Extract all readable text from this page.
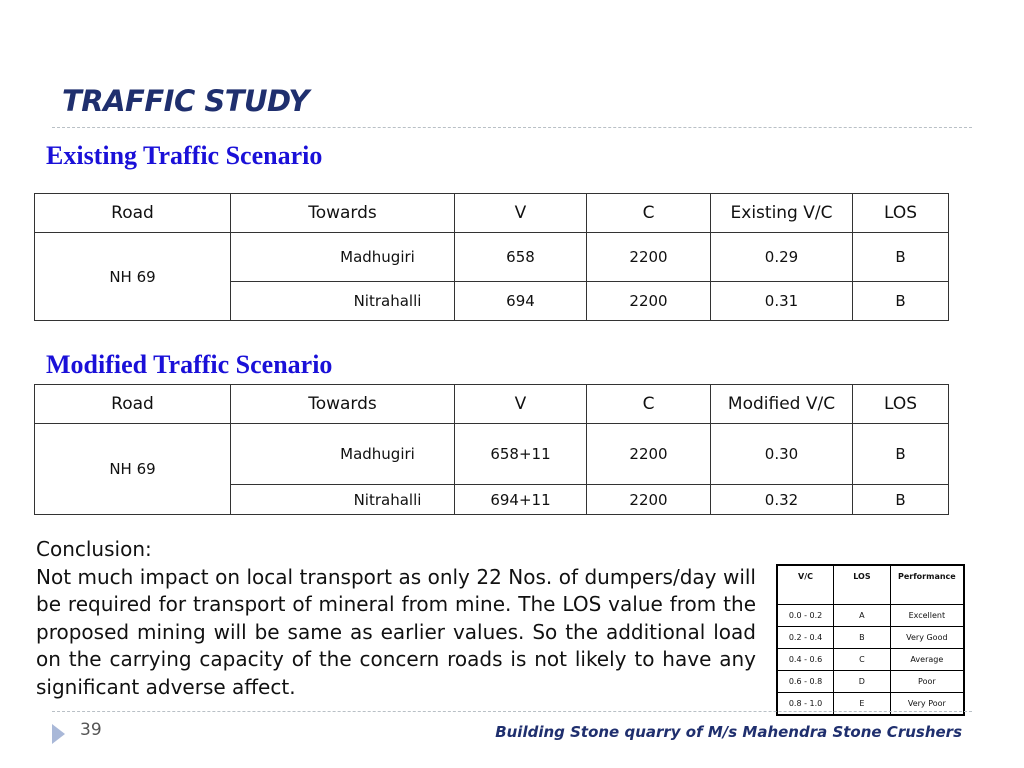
TRAFFIC STUDY
Existing Traffic Scenario
Road	Towards	V	C	Existing V/C	LOS
NH 69	Madhugiri	658	2200	0.29	B
	Nitrahalli	694	2200	0.31	B
Modified Traffic Scenario
Road	Towards	V	C	Modified V/C	LOS
NH 69	Madhugiri	658+11	2200	0.30	B
	Nitrahalli	694+11	2200	0.32	B
Conclusion:
Not much impact on local transport as only 22 Nos. of dumpers/day will be required for transport of mineral from mine. The LOS value from the proposed mining will be same as earlier values. So the additional load on the carrying capacity of the concern roads is not likely to have any significant adverse affect.
V/C	LOS	Performance
0.0 - 0.2	A	Excellent
0.2 - 0.4	B	Very Good
0.4 - 0.6	C	Average
0.6 - 0.8	D	Poor
0.8 - 1.0	E	Very Poor
39	Building Stone quarry of M/s Mahendra Stone Crushers
